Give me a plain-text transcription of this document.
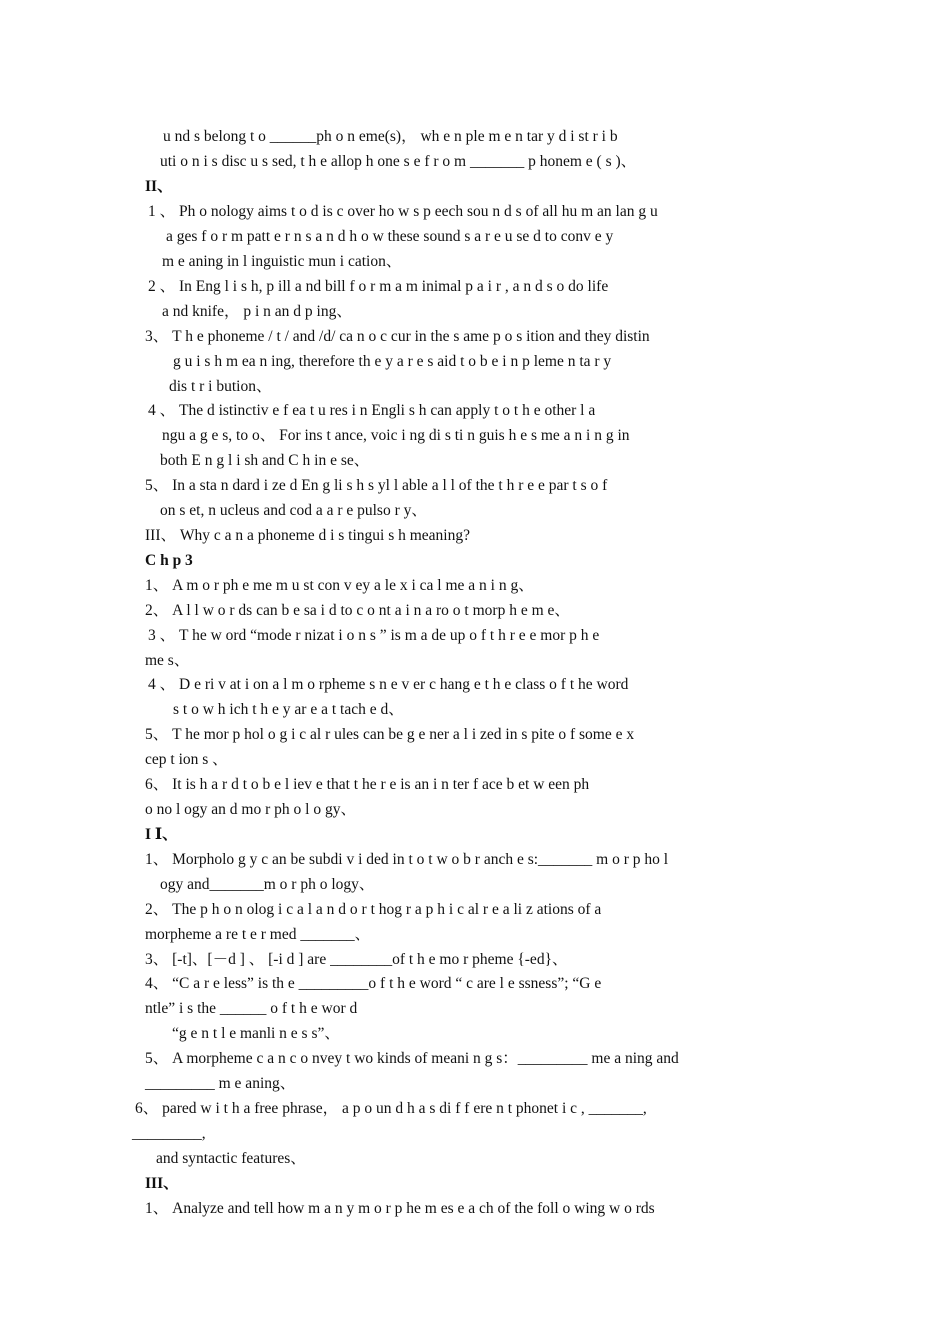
u nd s belong t o ______ph o n eme(s)， wh e n ple m e n tar y d i st r i b
uti o n i s disc u s sed, t h e allop h one s e f r o m _______ p honem e ( s )、
II、
1 、 Ph o nology aims t o d is c over ho w s p eech sou n d s of all hu m an lan g u
a ges f o r m patt e r n s a n d h o w these sound s a r e u se d to conv e y
m e aning in l inguistic mun i cation、
2 、 In Eng l i s h, p ill a nd bill f o r m a m inimal p a i r , a n d s o do life
a nd knife， p i n an d p ing、
3、 T h e phoneme / t / and /d/ ca n o c cur in the s ame p o s ition and they distin
g u i s h m ea n ing, therefore th e y a r e s aid t o b e i n p leme n ta r y
dis t r i bution、
4 、 The d istinctiv e f ea t u res i n Engli s h can apply t o t h e other l a
ngu a g e s, to o、 For ins t ance, voic i ng di s ti n guis h e s me a n i n g in
both E n g l i sh and C h in e se、
5、 In a sta n dard i ze d En g li s h s yl l able a l l of the t h r e e par t s o f
on s et, n ucleus and cod a a r e pulso r y、
III、 Why c a n a phoneme d i s tingui s h meaning?
C h p 3
1、 A m o r ph e me m u st con v ey a le x i ca l me a n i n g、
2、 A l l w o r ds can b e sa i d to c o nt a i n a ro o t morp h e m e、
3 、 T he w ord “mode r nizat i o n s ” is m a de up o f t h r e e mor p h e
me s、
4 、 D e ri v at i on a l m o rpheme s n e v er c hang e t h e class o f t he word
s t o w h ich t h e y ar e a t tach e d、
5、 T he mor p hol o g i c al r ules can be g e ner a l i zed in s pite o f some e x
cep t ion s 、
6、 It is h a r d t o b e l iev e that t he r e is an i n ter f ace b et w een ph
o no l ogy an d mo r ph o l o gy、
I Ⅰ、
1、 Morpholo g y c an be subdi v i ded in t o t w o b r anch e s:_______ m o r p ho l
ogy and_______m o r ph o logy、
2、 The p h o n olog i c a l a n d o r t hog r a p h i c al r e a li z ations of a
morpheme a re t e r med _______、
3、 [-t]、[－d ] 、 [-i d ] are ________of t h e mo r pheme {-ed}、
4、 “C a r e less” is th e _________o f t h e word “ c are l e ssness”; “G e
ntle” i s the ______ o f t h e wor d
“g e n t l e manli n e s s”、
5、 A morpheme c a n c o nvey t wo kinds of meani n g s：_________ me a ning and
_________ m e aning、
6、 pared w i t h a free phrase， a p o un d h a s di f f ere n t phonet i c , _______,
_________,
and syntactic features、
III、
1、 Analyze and tell how m a n y m o r p he m es e a ch of the foll o wing w o rds
